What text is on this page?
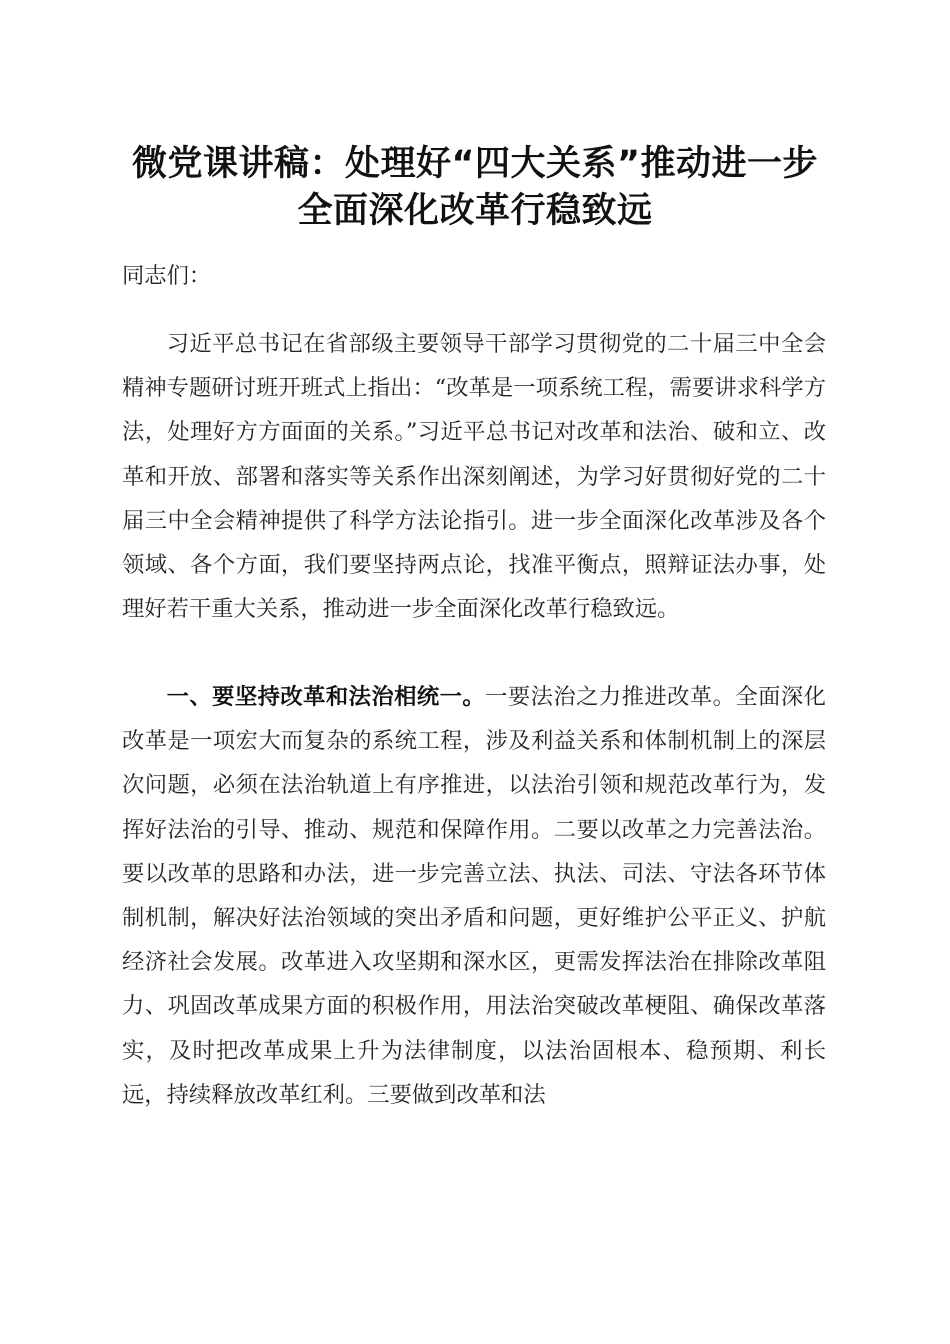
微党课讲稿：处理好“四大关系”推动进一步
全面深化改革行稳致远
同志们：
习近平总书记在省部级主要领导干部学习贯彻党的二十届三中全会精神专题研讨班开班式上指出：“改革是一项系统工程，需要讲求科学方法，处理好方方面面的关系。”习近平总书记对改革和法治、破和立、改革和开放、部署和落实等关系作出深刻阐述，为学习好贯彻好党的二十届三中全会精神提供了科学方法论指引。进一步全面深化改革涉及各个领域、各个方面，我们要坚持两点论，找准平衡点，照辩证法办事，处理好若干重大关系，推动进一步全面深化改革行稳致远。
一、要坚持改革和法治相统一。一要法治之力推进改革。全面深化改革是一项宏大而复杂的系统工程，涉及利益关系和体制机制上的深层次问题，必须在法治轨道上有序推进，以法治引领和规范改革行为，发挥好法治的引导、推动、规范和保障作用。二要以改革之力完善法治。要以改革的思路和办法，进一步完善立法、执法、司法、守法各环节体制机制，解决好法治领域的突出矛盾和问题，更好维护公平正义、护航经济社会发展。改革进入攻坚期和深水区，更需发挥法治在排除改革阻力、巩固改革成果方面的积极作用，用法治突破改革梗阻、确保改革落实，及时把改革成果上升为法律制度，以法治固根本、稳预期、利长远，持续释放改革红利。三要做到改革和法
